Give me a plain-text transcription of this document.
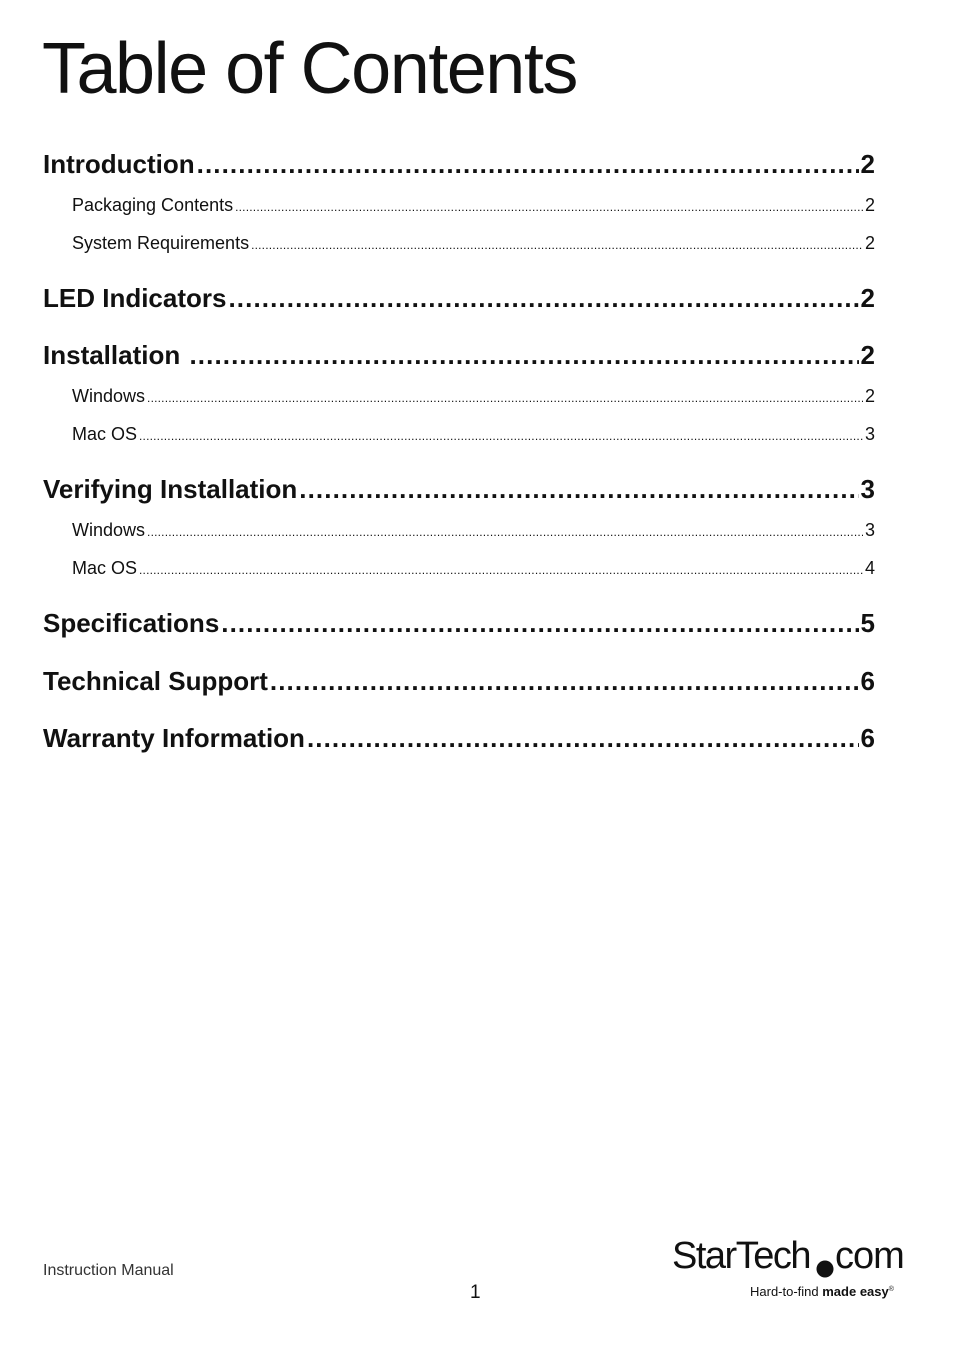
Table of Contents
Introduction .....	2
Packaging Contents .....	2
System Requirements .....	2
LED Indicators .....	2
Installation .....	2
Windows .....	2
Mac OS .....	3
Verifying Installation .....	3
Windows .....	3
Mac OS .....	4
Specifications .....	5
Technical Support .....	6
Warranty Information .....	6
Instruction Manual
1
StarTech com
Hard-to-find made easy®
